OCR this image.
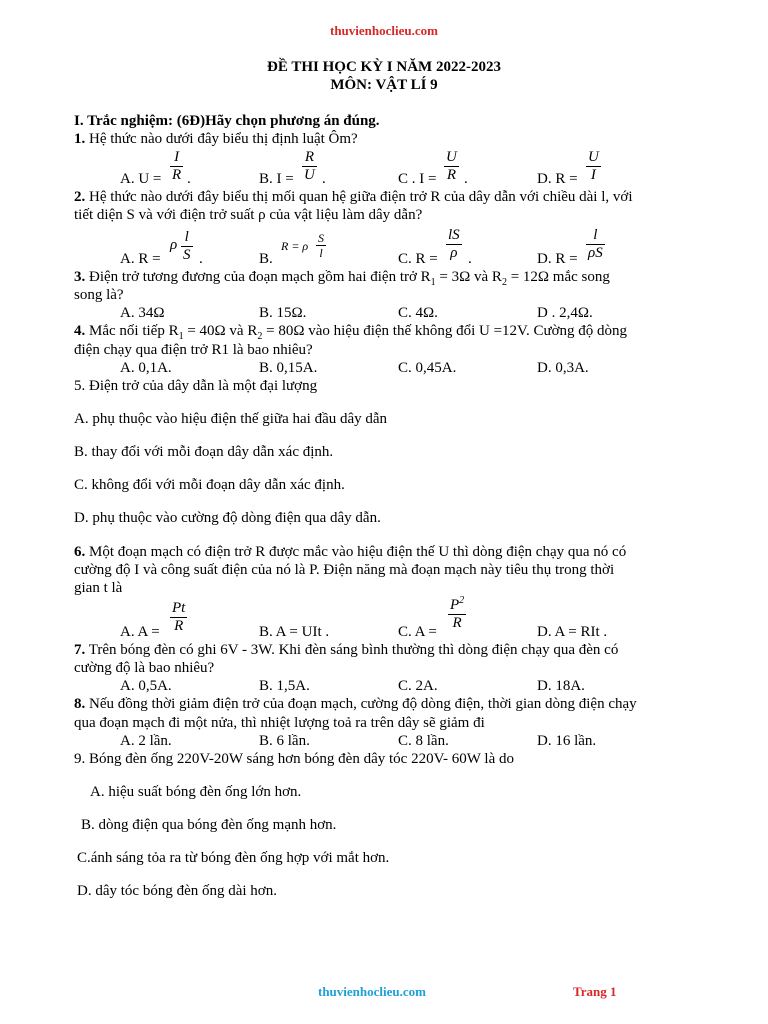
thuvienhoclieu.com
ĐỀ THI HỌC KỲ I NĂM 2022-2023
MÔN: VẬT LÍ 9
I. Trắc nghiệm: (6Đ)Hãy chọn phương án đúng.
1. Hệ thức nào dưới đây biểu thị định luật Ôm?
A. U =
I
R .	B. I =
R
U .	C . I =
U
R .	D. R =
U
I
2. Hệ thức nào dưới đây biểu thị mối quan hệ giữa điện trở R của dây dẫn với chiều dài l, với
tiết diện S và với điện trở suất ρ của vật liệu làm dây dẫn?
A. R =
ρ l
S .	B.
R = ρ
S
l	C. R =
lS
ρ .	D. R =
l
ρS
3. Điện trở tương đương của đoạn mạch gồm hai điện trở $R_1 = 3\Omega$ và $R_2 = 12\Omega$ mắc song
song là?
A. 34Ω	B. 15Ω.	C. 4Ω.	D . 2,4Ω.
4. Mắc nối tiếp $R_1 = 40\Omega$ và $R_2 = 80\Omega$ vào hiệu điện thế không đổi U =12V. Cường độ dòng
điện chạy qua điện trở R1 là bao nhiêu?
A. 0,1A.	B. 0,15A.	C. 0,45A.	D. 0,3A.
5. Điện trở của dây dẫn là một đại lượng
A. phụ thuộc vào hiệu điện thế giữa hai đầu dây dẫn
B. thay đổi với mỗi đoạn dây dẫn xác định.
C. không đổi với mỗi đoạn dây dẫn xác định.
D. phụ thuộc vào cường độ dòng điện qua dây dẫn.
6. Một đoạn mạch có điện trở R được mắc vào hiệu điện thế U thì dòng điện chạy qua nó có
cường độ I và công suất điện của nó là P. Điện năng mà đoạn mạch này tiêu thụ trong thời
gian t là
A. A =
Pt
R	B. A = UIt .	C. A =
$P^2$
R
D. A = RIt .
7. Trên bóng đèn có ghi 6V - 3W. Khi đèn sáng bình thường thì dòng điện chạy qua đèn có
cường độ là bao nhiêu?
A. 0,5A.	B. 1,5A.	C. 2A.	D. 18A.
8. Nếu đồng thời giảm điện trở của đoạn mạch, cường độ dòng điện, thời gian dòng điện chạy
qua đoạn mạch đi một nửa, thì nhiệt lượng toả ra trên dây sẽ giảm đi
A. 2 lần.	B. 6 lần.	C. 8 lần.	D. 16 lần.
9. Bóng đèn ống 220V-20W sáng hơn bóng đèn dây tóc 220V- 60W là do
A. hiệu suất bóng đèn ống lớn hơn.
B. dòng điện qua bóng đèn ống mạnh hơn.
C.ánh sáng tỏa ra từ bóng đèn ống hợp với mắt hơn.
D. dây tóc bóng đèn ống dài hơn.
thuvienhoclieu.com	Trang 1
